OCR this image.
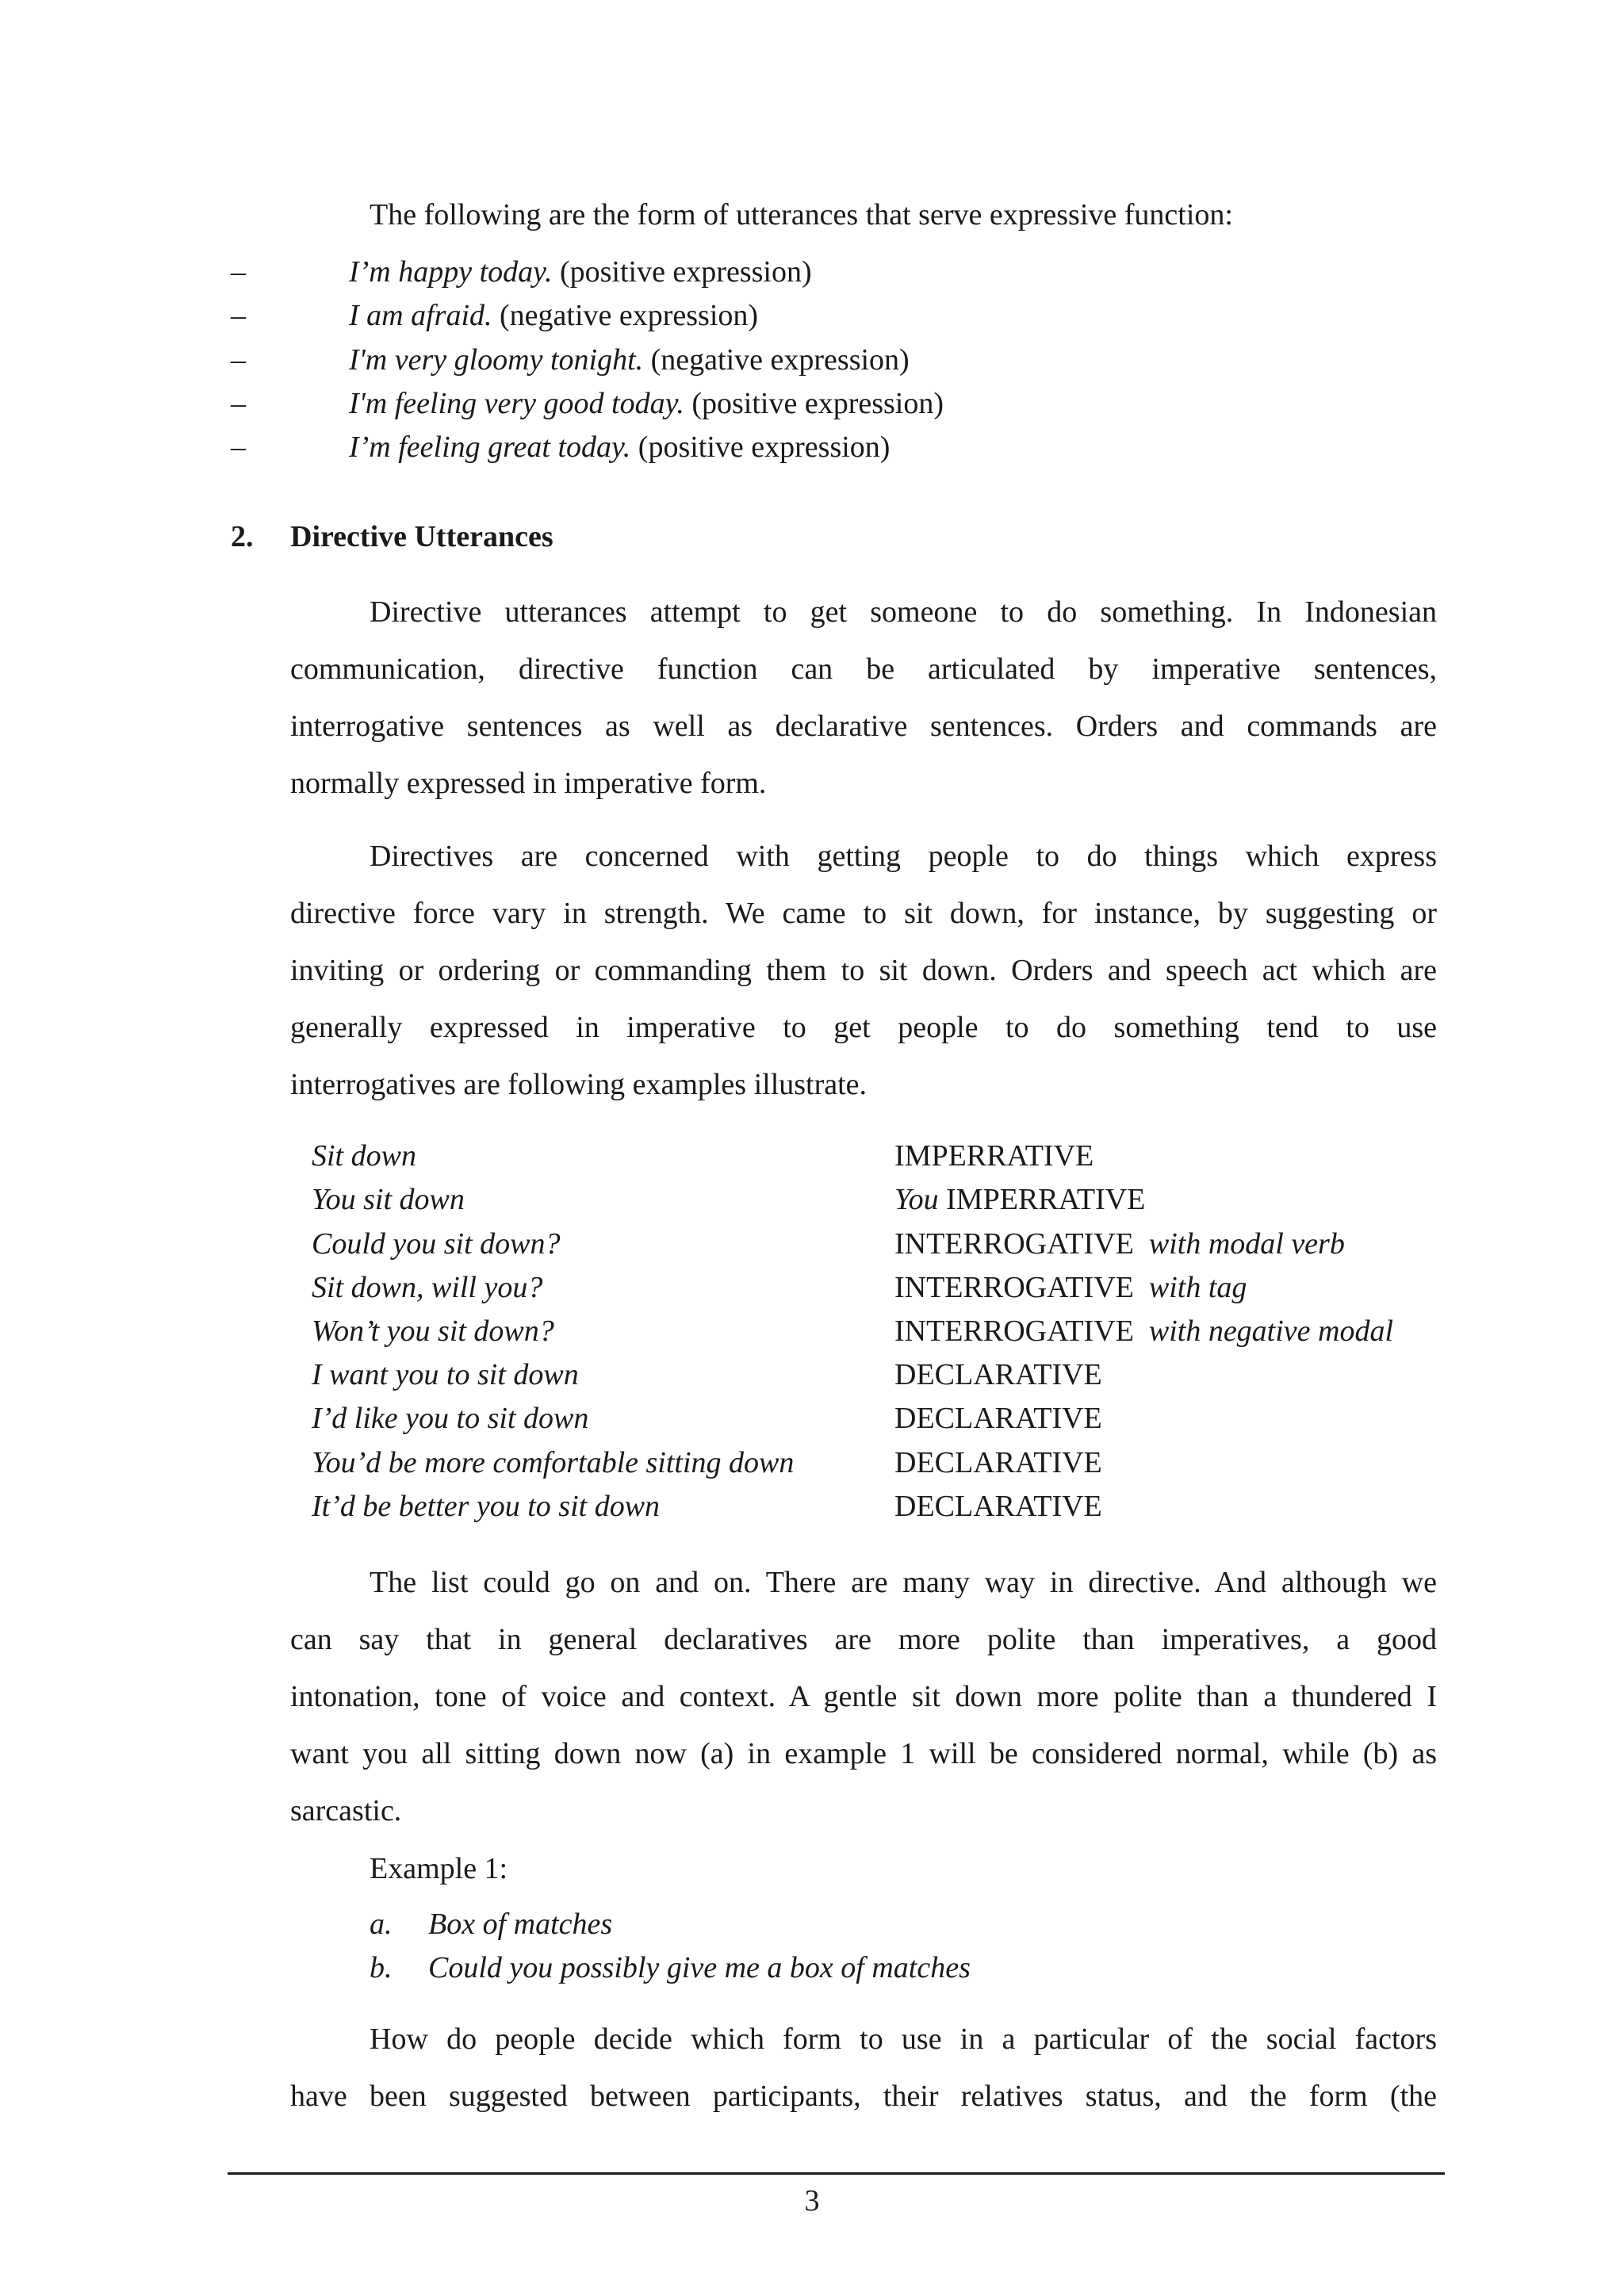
The following are the form of utterances that serve expressive function:
–	I’m happy today. (positive expression)
–	I am afraid. (negative expression)
–	I'm very gloomy tonight. (negative expression)
–	I'm feeling very good today. (positive expression)
–	I’m feeling great today. (positive expression)
2. Directive Utterances
Directive utterances attempt to get someone to do something. In Indonesian
communication, directive function can be articulated by imperative sentences,
interrogative sentences as well as declarative sentences. Orders and commands are
normally expressed in imperative form.
Directives are concerned with getting people to do things which express
directive force vary in strength. We came to sit down, for instance, by suggesting or
inviting or ordering or commanding them to sit down. Orders and speech act which are
generally expressed in imperative to get people to do something tend to use
interrogatives are following examples illustrate.
Sit down	IMPERRATIVE
You sit down	You IMPERRATIVE
Could you sit down?	INTERROGATIVE with modal verb
Sit down, will you?	INTERROGATIVE with tag
Won’t you sit down?	INTERROGATIVE with negative modal
I want you to sit down	DECLARATIVE
I’d like you to sit down	DECLARATIVE
You’d be more comfortable sitting down	DECLARATIVE
It’d be better you to sit down	DECLARATIVE
The list could go on and on. There are many way in directive. And although we
can say that in general declaratives are more polite than imperatives, a good
intonation, tone of voice and context. A gentle sit down more polite than a thundered I
want you all sitting down now (a) in example 1 will be considered normal, while (b) as
sarcastic.
Example 1:
a. Box of matches
b. Could you possibly give me a box of matches
How do people decide which form to use in a particular of the social factors
have been suggested between participants, their relatives status, and the form (the
3
